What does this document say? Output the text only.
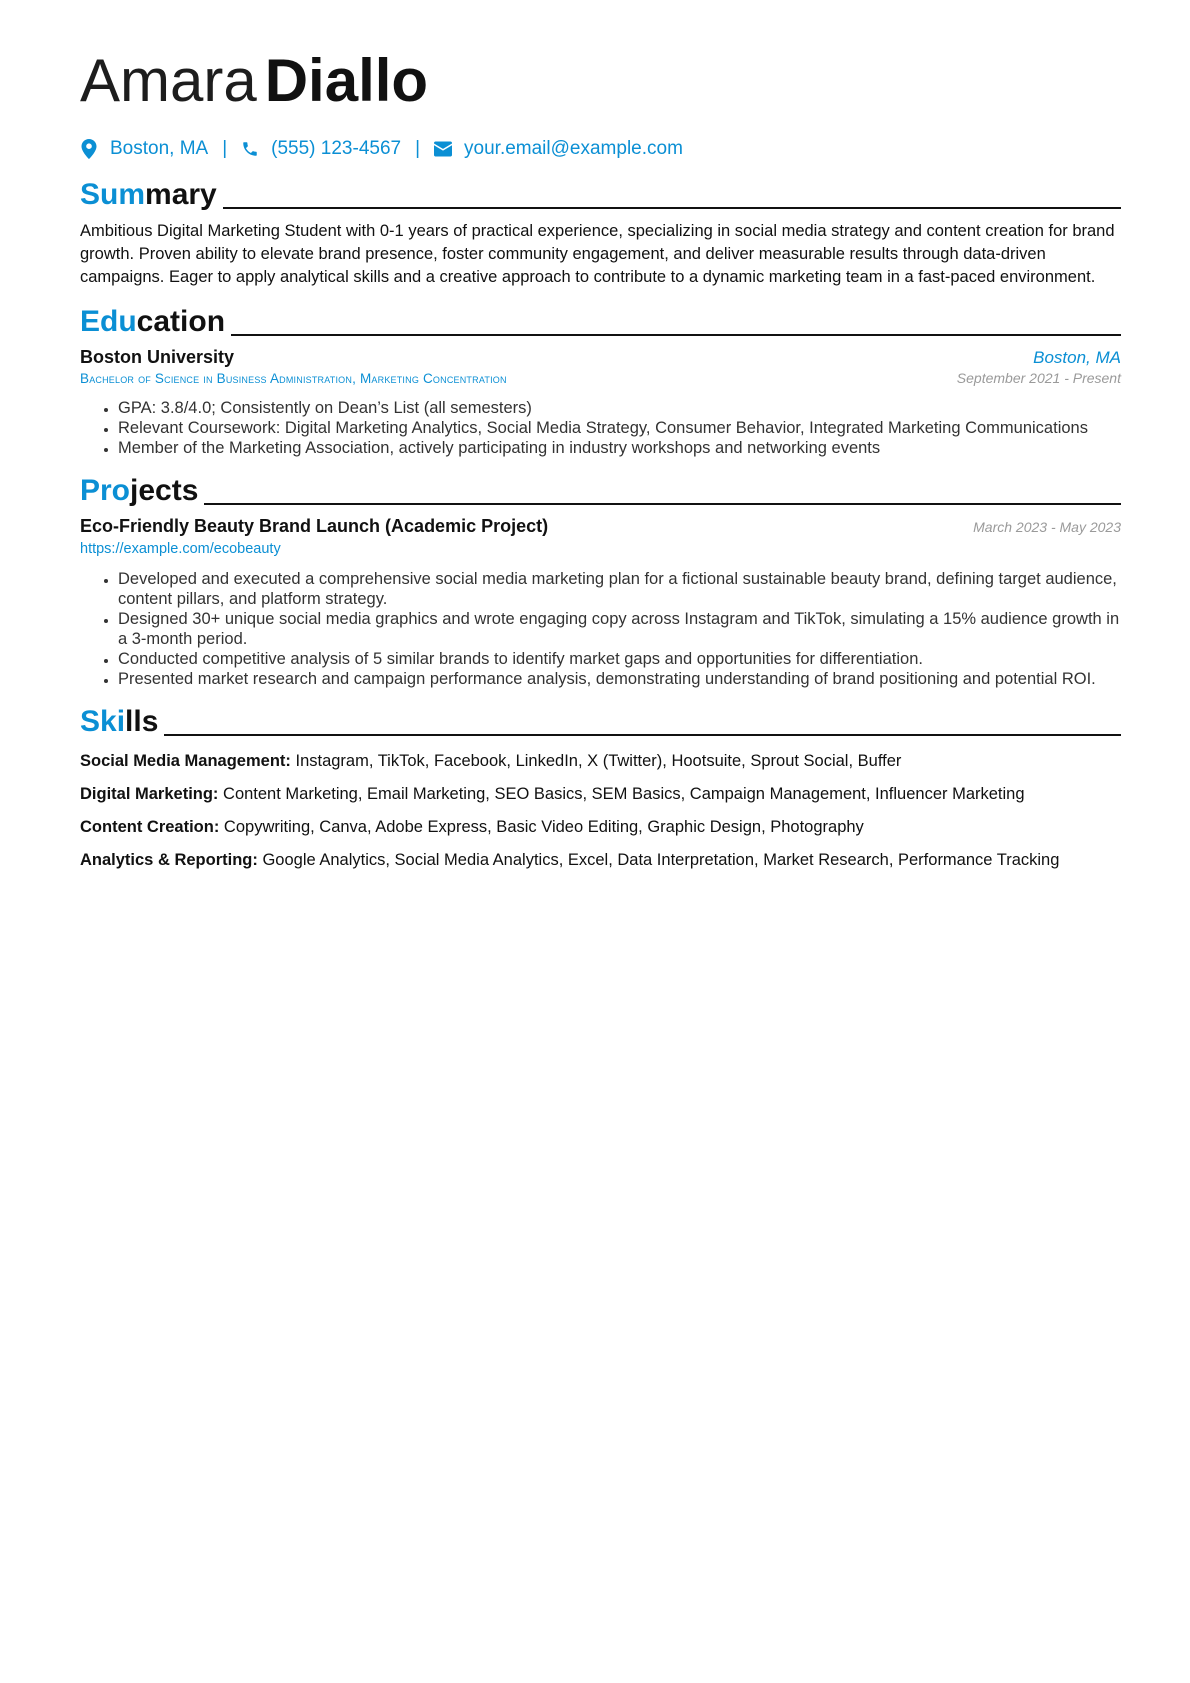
Amara Diallo
Boston, MA | (555) 123-4567 | your.email@example.com
Summary

Ambitious Digital Marketing Student with 0-1 years of practical experience, specializing in social media strategy and content creation for brand growth. Proven ability to elevate brand presence, foster community engagement, and deliver measurable results through data-driven campaigns. Eager to apply analytical skills and a creative approach to contribute to a dynamic marketing team in a fast-paced environment.

Education
Boston University	Boston, MA
Bachelor of Science in Business Administration, Marketing Concentration	September 2021 - Present
• GPA: 3.8/4.0; Consistently on Dean’s List (all semesters)
• Relevant Coursework: Digital Marketing Analytics, Social Media Strategy, Consumer Behavior, Integrated Marketing Communications
• Member of the Marketing Association, actively participating in industry workshops and networking events
Projects
Eco-Friendly Beauty Brand Launch (Academic Project)	March 2023 - May 2023
https://example.com/ecobeauty
• Developed and executed a comprehensive social media marketing plan for a fictional sustainable beauty brand, defining target audience, content pillars, and platform strategy.
• Designed 30+ unique social media graphics and wrote engaging copy across Instagram and TikTok, simulating a 15% audience growth in a 3-month period.
• Conducted competitive analysis of 5 similar brands to identify market gaps and opportunities for differentiation.
• Presented market research and campaign performance analysis, demonstrating understanding of brand positioning and potential ROI.
Skills
Social Media Management: Instagram, TikTok, Facebook, LinkedIn, X (Twitter), Hootsuite, Sprout Social, Buffer
Digital Marketing: Content Marketing, Email Marketing, SEO Basics, SEM Basics, Campaign Management, Influencer Marketing
Content Creation: Copywriting, Canva, Adobe Express, Basic Video Editing, Graphic Design, Photography
Analytics & Reporting: Google Analytics, Social Media Analytics, Excel, Data Interpretation, Market Research, Performance Tracking
